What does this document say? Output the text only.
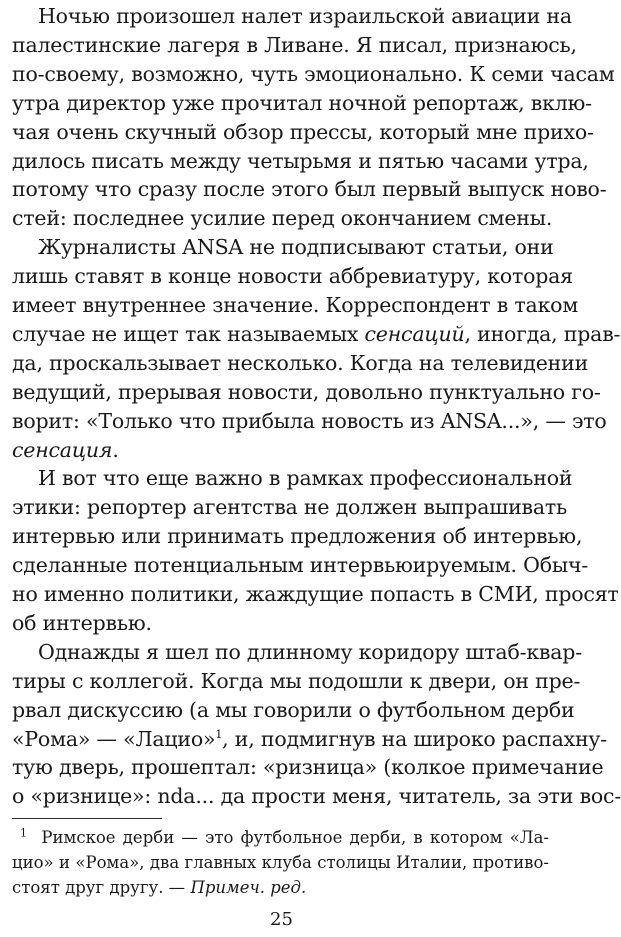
Ночью произошел налет израильской авиации на
палестинские лагеря в Ливане. Я писал, признаюсь,
по-своему, возможно, чуть эмоционально. К семи часам
утра директор уже прочитал ночной репортаж, вклю-
чая очень скучный обзор прессы, который мне прихо-
дилось писать между четырьмя и пятью часами утра,
потому что сразу после этого был первый выпуск ново-
стей: последнее усилие перед окончанием смены.
Журналисты ANSA не подписывают статьи, они
лишь ставят в конце новости аббревиатуру, которая
имеет внутреннее значение. Корреспондент в таком
случае не ищет так называемых сенсаций, иногда, прав-
да, проскальзывает несколько. Когда на телевидении
ведущий, прерывая новости, довольно пунктуально го-
ворит: «Только что прибыла новость из ANSA...», — это
сенсация.
И вот что еще важно в рамках профессиональной
этики: репортер агентства не должен выпрашивать
интервью или принимать предложения об интервью,
сделанные потенциальным интервьюируемым. Обыч-
но именно политики, жаждущие попасть в СМИ, просят
об интервью.
Однажды я шел по длинному коридору штаб-квар-
тиры с коллегой. Когда мы подошли к двери, он пре-
рвал дискуссию (а мы говорили о футбольном дерби
«Рома» — «Лацио»$^1$, и, подмигнув на широко распахну-
тую дверь, прошептал: «ризница» (колкое примечание
$^1$ Римское дерби — это футбольное дерби, в котором «Ла-
цио» и «Рома», два главных клуба столицы Италии, противо-
стоят друг другу. — Примеч. ред.
25
о «ризнице»: nda... да прости меня, читатель, за эти вос-
